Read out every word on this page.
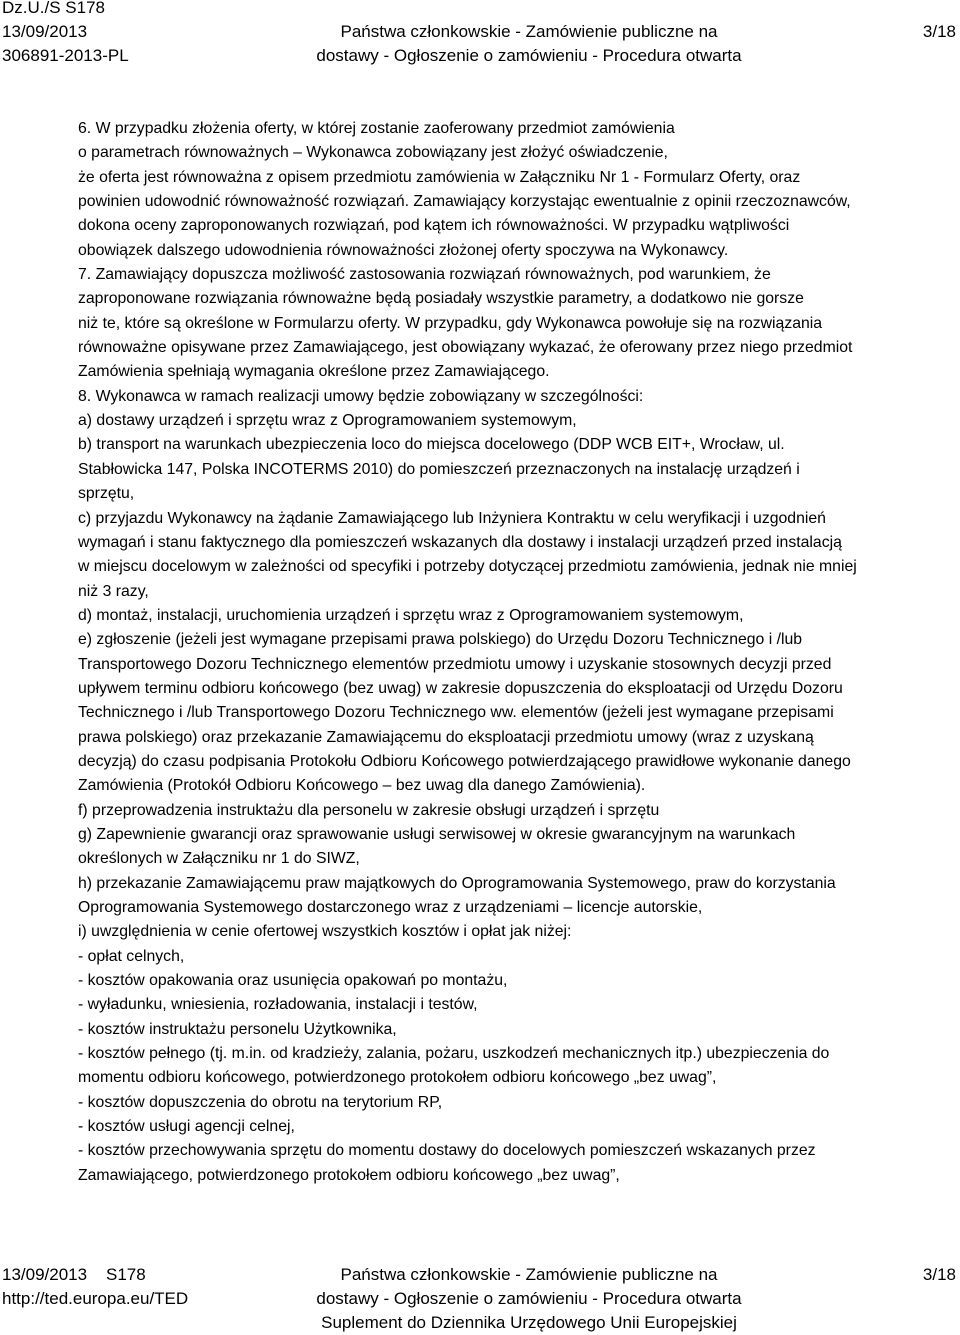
Dz.U./S S178
13/09/2013
306891-2013-PL
Państwa członkowskie - Zamówienie publiczne na
dostawy - Ogłoszenie o zamówieniu - Procedura otwarta
3/18
6. W przypadku złożenia oferty, w której zostanie zaoferowany przedmiot zamówienia
o parametrach równoważnych – Wykonawca zobowiązany jest złożyć oświadczenie,
że oferta jest równoważna z opisem przedmiotu zamówienia w Załączniku Nr 1 - Formularz Oferty, oraz
powinien udowodnić równoważność rozwiązań. Zamawiający korzystając ewentualnie z opinii rzeczoznawców,
dokona oceny zaproponowanych rozwiązań, pod kątem ich równoważności. W przypadku wątpliwości
obowiązek dalszego udowodnienia równoważności złożonej oferty spoczywa na Wykonawcy.
7. Zamawiający dopuszcza możliwość zastosowania rozwiązań równoważnych, pod warunkiem, że
zaproponowane rozwiązania równoważne będą posiadały wszystkie parametry, a dodatkowo nie gorsze
niż te, które są określone w Formularzu oferty. W przypadku, gdy Wykonawca powołuje się na rozwiązania
równoważne opisywane przez Zamawiającego, jest obowiązany wykazać, że oferowany przez niego przedmiot
Zamówienia spełniają wymagania określone przez Zamawiającego.
8. Wykonawca w ramach realizacji umowy będzie zobowiązany w szczególności:
a) dostawy urządzeń i sprzętu wraz z Oprogramowaniem systemowym,
b) transport na warunkach ubezpieczenia loco do miejsca docelowego (DDP WCB EIT+, Wrocław, ul.
Stabłowicka 147, Polska INCOTERMS 2010) do pomieszczeń przeznaczonych na instalację urządzeń i
sprzętu,
c) przyjazdu Wykonawcy na żądanie Zamawiającego lub Inżyniera Kontraktu w celu weryfikacji i uzgodnień
wymagań i stanu faktycznego dla pomieszczeń wskazanych dla dostawy i instalacji urządzeń przed instalacją
w miejscu docelowym w zależności od specyfiki i potrzeby dotyczącej przedmiotu zamówienia, jednak nie mniej
niż 3 razy,
d) montaż, instalacji, uruchomienia urządzeń i sprzętu wraz z Oprogramowaniem systemowym,
e) zgłoszenie (jeżeli jest wymagane przepisami prawa polskiego) do Urzędu Dozoru Technicznego i /lub
Transportowego Dozoru Technicznego elementów przedmiotu umowy i uzyskanie stosownych decyzji przed
upływem terminu odbioru końcowego (bez uwag) w zakresie dopuszczenia do eksploatacji od Urzędu Dozoru
Technicznego i /lub Transportowego Dozoru Technicznego ww. elementów (jeżeli jest wymagane przepisami
prawa polskiego) oraz przekazanie Zamawiającemu do eksploatacji przedmiotu umowy (wraz z uzyskaną
decyzją) do czasu podpisania Protokołu Odbioru Końcowego potwierdzającego prawidłowe wykonanie danego
Zamówienia (Protokół Odbioru Końcowego – bez uwag dla danego Zamówienia).
f) przeprowadzenia instruktażu dla personelu w zakresie obsługi urządzeń i sprzętu
g) Zapewnienie gwarancji oraz sprawowanie usługi serwisowej w okresie gwarancyjnym na warunkach
określonych w Załączniku nr 1 do SIWZ,
h) przekazanie Zamawiającemu praw majątkowych do Oprogramowania Systemowego, praw do korzystania
Oprogramowania Systemowego dostarczonego wraz z urządzeniami – licencje autorskie,
i) uwzględnienia w cenie ofertowej wszystkich kosztów i opłat jak niżej:
- opłat celnych,
- kosztów opakowania oraz usunięcia opakowań po montażu,
- wyładunku, wniesienia, rozładowania, instalacji i testów,
- kosztów instruktażu personelu Użytkownika,
- kosztów pełnego (tj. m.in. od kradzieży, zalania, pożaru, uszkodzeń mechanicznych itp.) ubezpieczenia do
momentu odbioru końcowego, potwierdzonego protokołem odbioru końcowego „bez uwag”,
- kosztów dopuszczenia do obrotu na terytorium RP,
- kosztów usługi agencji celnej,
- kosztów przechowywania sprzętu do momentu dostawy do docelowych pomieszczeń wskazanych przez
Zamawiającego, potwierdzonego protokołem odbioru końcowego „bez uwag”,
13/09/2013    S178
http://ted.europa.eu/TED
Państwa członkowskie - Zamówienie publiczne na
dostawy - Ogłoszenie o zamówieniu - Procedura otwarta
Suplement do Dziennika Urzędowego Unii Europejskiej
3/18
